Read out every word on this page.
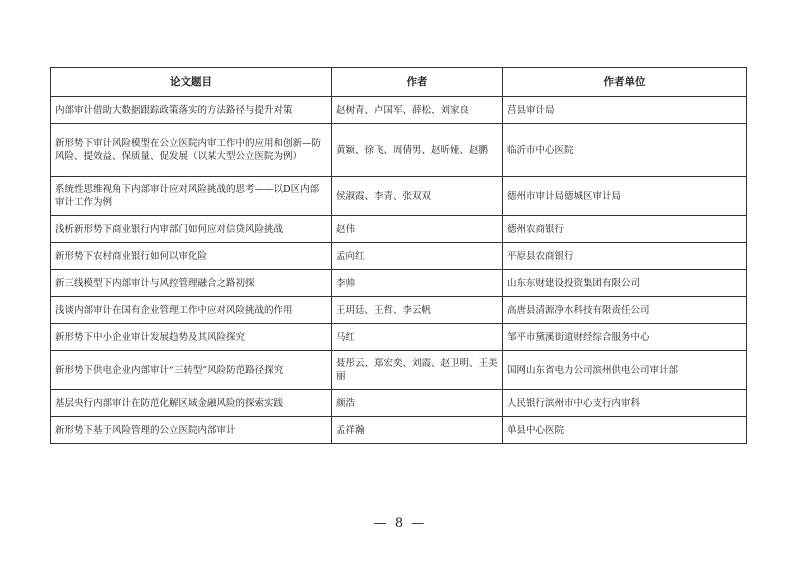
论文题目	作者	作者单位
内部审计借助大数据跟踪政策落实的方法路径与提升对策	赵树青、卢国军、薛松、刘家良	莒县审计局
新形势下审计风险模型在公立医院内审工作中的应用和创新—防风险、提效益、保质量、促发展（以某大型公立医院为例）	黄颖、徐飞、周倩男、赵昕娅、赵鹏	临沂市中心医院
系统性思维视角下内部审计应对风险挑战的思考——以D区内部审计工作为例	侯淑霞、李青、张双双	德州市审计局德城区审计局
浅析新形势下商业银行内审部门如何应对信贷风险挑战	赵伟	德州农商银行
新形势下农村商业银行如何以审化险	孟向红	平原县农商银行
新三线模型下内部审计与风控管理融合之路初探	李帅	山东东财建设投资集团有限公司
浅谈内部审计在国有企业管理工作中应对风险挑战的作用	王玥廷、王哲、李云帆	高唐县清源净水科技有限责任公司
新形势下中小企业审计发展趋势及其风险探究	马红	邹平市黛溪街道财经综合服务中心
新形势下供电企业内部审计“三转型”风险防范路径探究	聂彤云、郑宏奕、刘霞、赵卫明、王美丽	国网山东省电力公司滨州供电公司审计部
基层央行内部审计在防范化解区域金融风险的探索实践	颜浩	人民银行滨州市中心支行内审科
新形势下基于风险管理的公立医院内部审计	孟祥瀚	单县中心医院
— 8 —
